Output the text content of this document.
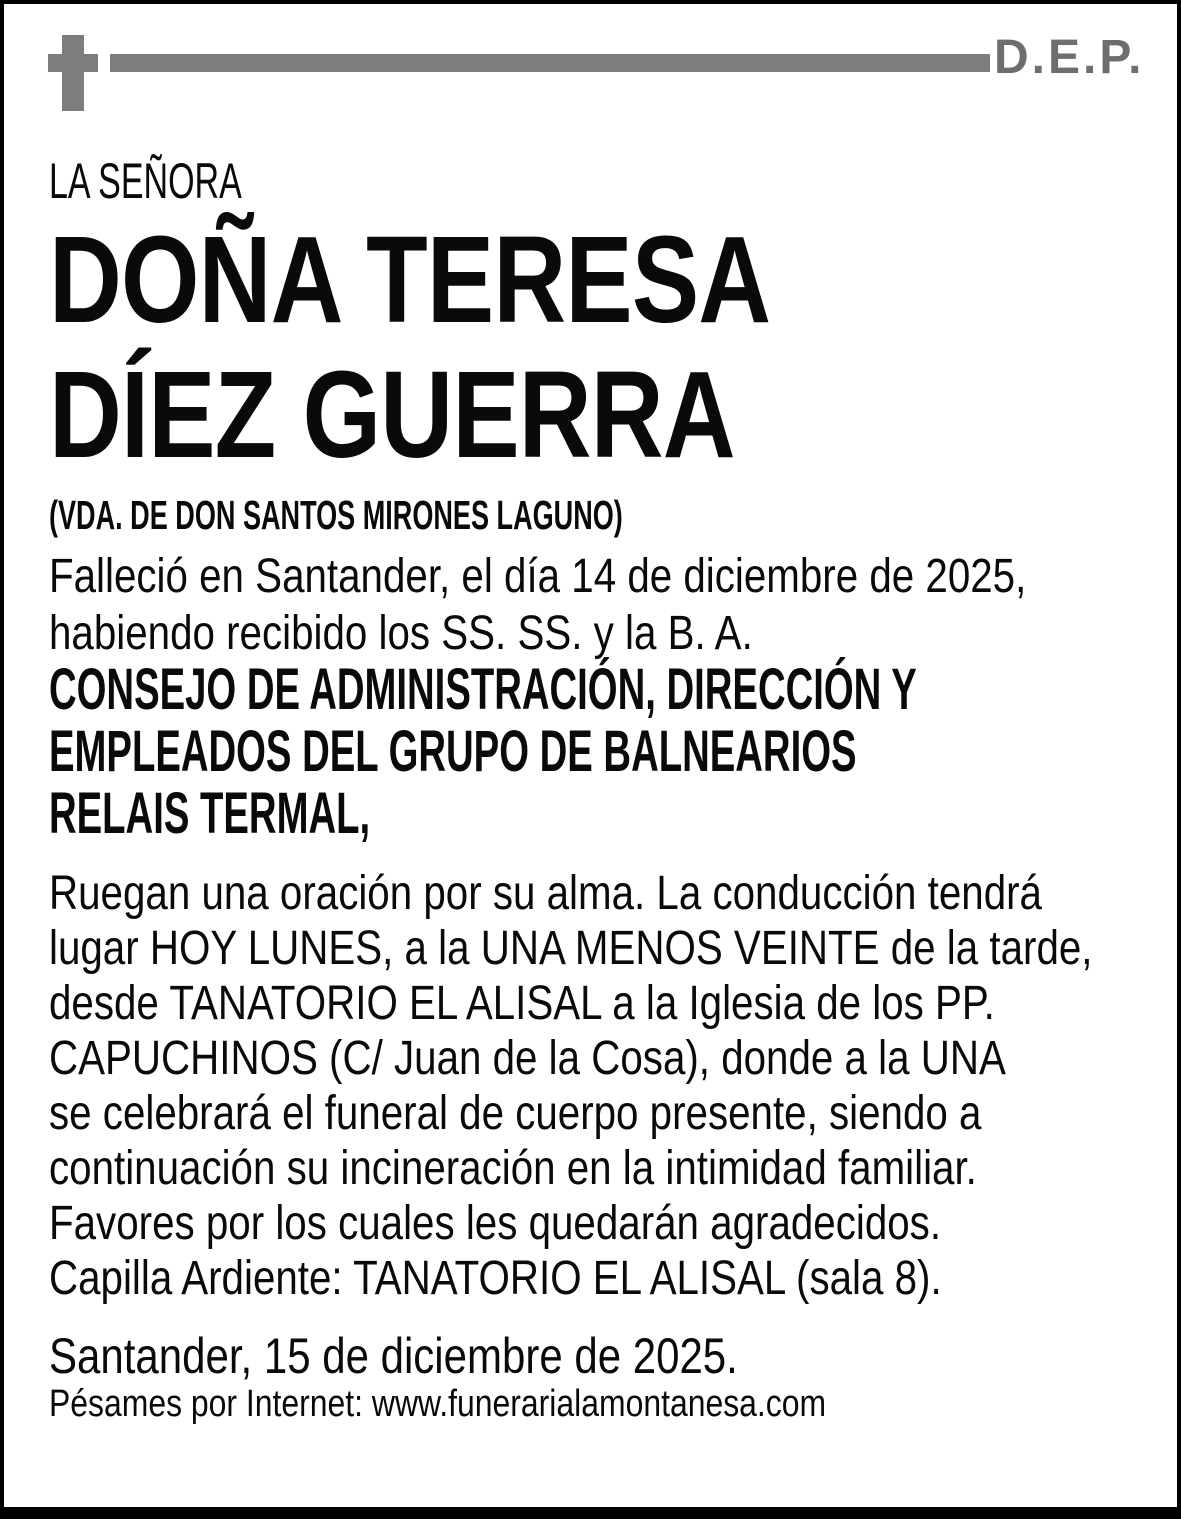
D.E.P.
LA SEÑORA
DOÑA TERESA
DÍEZ GUERRA
(VDA. DE DON SANTOS MIRONES LAGUNO)
Falleció en Santander, el día 14 de diciembre de 2025,
habiendo recibido los SS. SS. y la B. A.
CONSEJO DE ADMINISTRACIÓN, DIRECCIÓN Y
EMPLEADOS DEL GRUPO DE BALNEARIOS
RELAIS TERMAL,
Ruegan una oración por su alma. La conducción tendrá
lugar HOY LUNES, a la UNA MENOS VEINTE de la tarde,
desde TANATORIO EL ALISAL a la Iglesia de los PP.
CAPUCHINOS (C/ Juan de la Cosa), donde a la UNA
se celebrará el funeral de cuerpo presente, siendo a
continuación su incineración en la intimidad familiar.
Favores por los cuales les quedarán agradecidos.
Capilla Ardiente: TANATORIO EL ALISAL (sala 8).
Santander, 15 de diciembre de 2025.
Pésames por Internet: www.funerarialamontanesa.com
